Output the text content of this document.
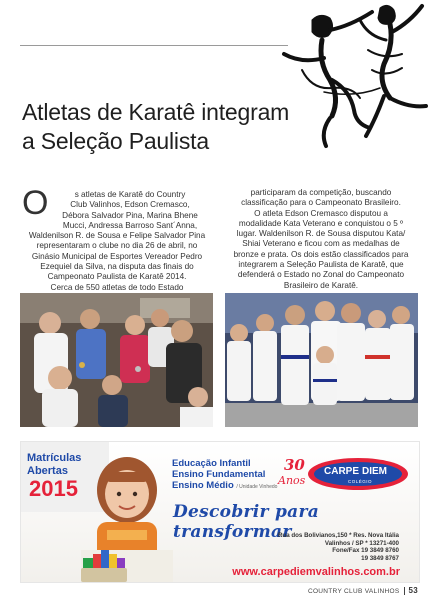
Atletas de Karatê integram
a Seleção Paulista
O	s atletas de Karatê do Country
Club Valinhos, Edson Cremasco,
Débora Salvador Pina, Marina Bhene
Mucci, Andressa Barroso Sant´Anna,
Waldenilson R. de Sousa e Felipe Salvador Pina
representaram o clube no dia 26 de abril, no
Ginásio Municipal de Esportes Vereador Pedro
Ezequiel da Silva, na disputa das finais do
Campeonato Paulista de Karatê 2014.
Cerca de 550 atletas de todo Estado
participaram da competição, buscando
classificação para o Campeonato Brasileiro.
O atleta Edson Cremasco disputou a
modalidade Kata Veterano e conquistou o 5 º
lugar. Waldenilson R. de Sousa disputou Kata/
Shiai Veterano e ficou com as medalhas de
bronze e prata. Os dois estão classificados para
integrarem a Seleção Paulista de Karatê, que
defenderá o Estado no Zonal do Campeonato
Brasileiro de Karatê.
Matrículas
Abertas
2015
Educação Infantil
Ensino Fundamental
Ensino Médio / Unidade Vinhedo
30
Anos
CARPE DIEM
COLÉGIO
Descobrir para transformar
Rua dos Bolivianos,150 * Res. Nova Itália
Valinhos / SP * 13271-400
Fone/Fax 19 3849 8760
19 3849 8767
www.carpediemvalinhos.com.br
COUNTRY CLUB VALINHOS 53
